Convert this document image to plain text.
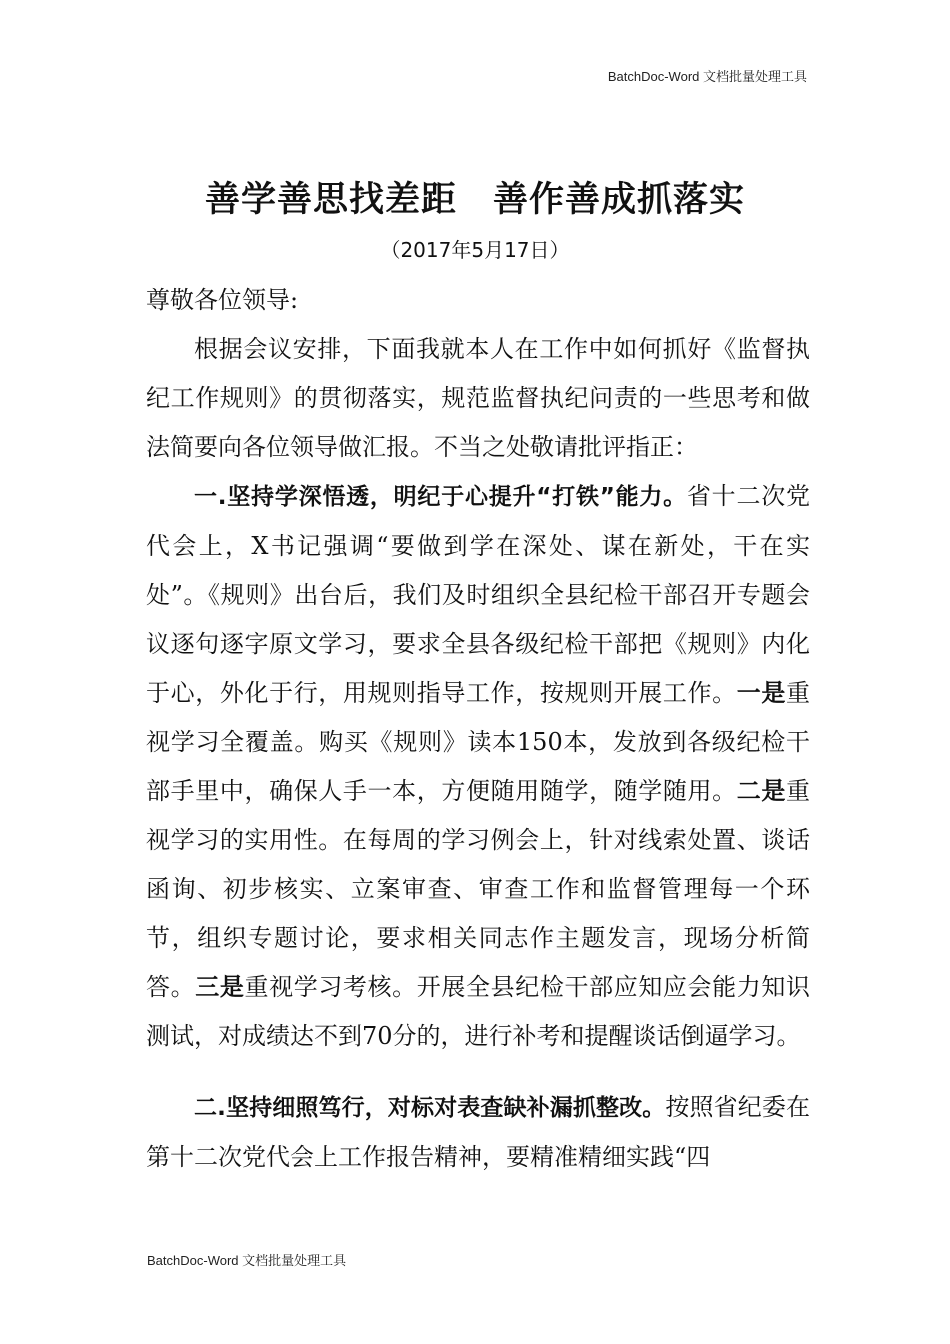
BatchDoc-Word 文档批量处理工具
善学善思找差距　善作善成抓落实
（2017年5月17日）

尊敬各位领导:

根据会议安排，下面我就本人在工作中如何抓好《监督执纪工作规则》的贯彻落实，规范监督执纪问责的一些思考和做法简要向各位领导做汇报。不当之处敬请批评指正：

一.坚持学深悟透，明纪于心提升“打铁”能力。省十二次党代会上，X书记强调“要做到学在深处、谋在新处，干在实处”。《规则》出台后，我们及时组织全县纪检干部召开专题会议逐句逐字原文学习，要求全县各级纪检干部把《规则》内化于心，外化于行，用规则指导工作，按规则开展工作。一是重视学习全覆盖。购买《规则》读本150本，发放到各级纪检干部手里中，确保人手一本，方便随用随学，随学随用。二是重视学习的实用性。在每周的学习例会上，针对线索处置、谈话函询、初步核实、立案审查、审查工作和监督管理每一个环节，组织专题讨论，要求相关同志作主题发言，现场分析简答。三是重视学习考核。开展全县纪检干部应知应会能力知识测试，对成绩达不到70分的，进行补考和提醒谈话倒逼学习。

二.坚持细照笃行，对标对表查缺补漏抓整改。按照省纪委在第十二次党代会上工作报告精神，要精准精细实践“四

BatchDoc-Word 文档批量处理工具
